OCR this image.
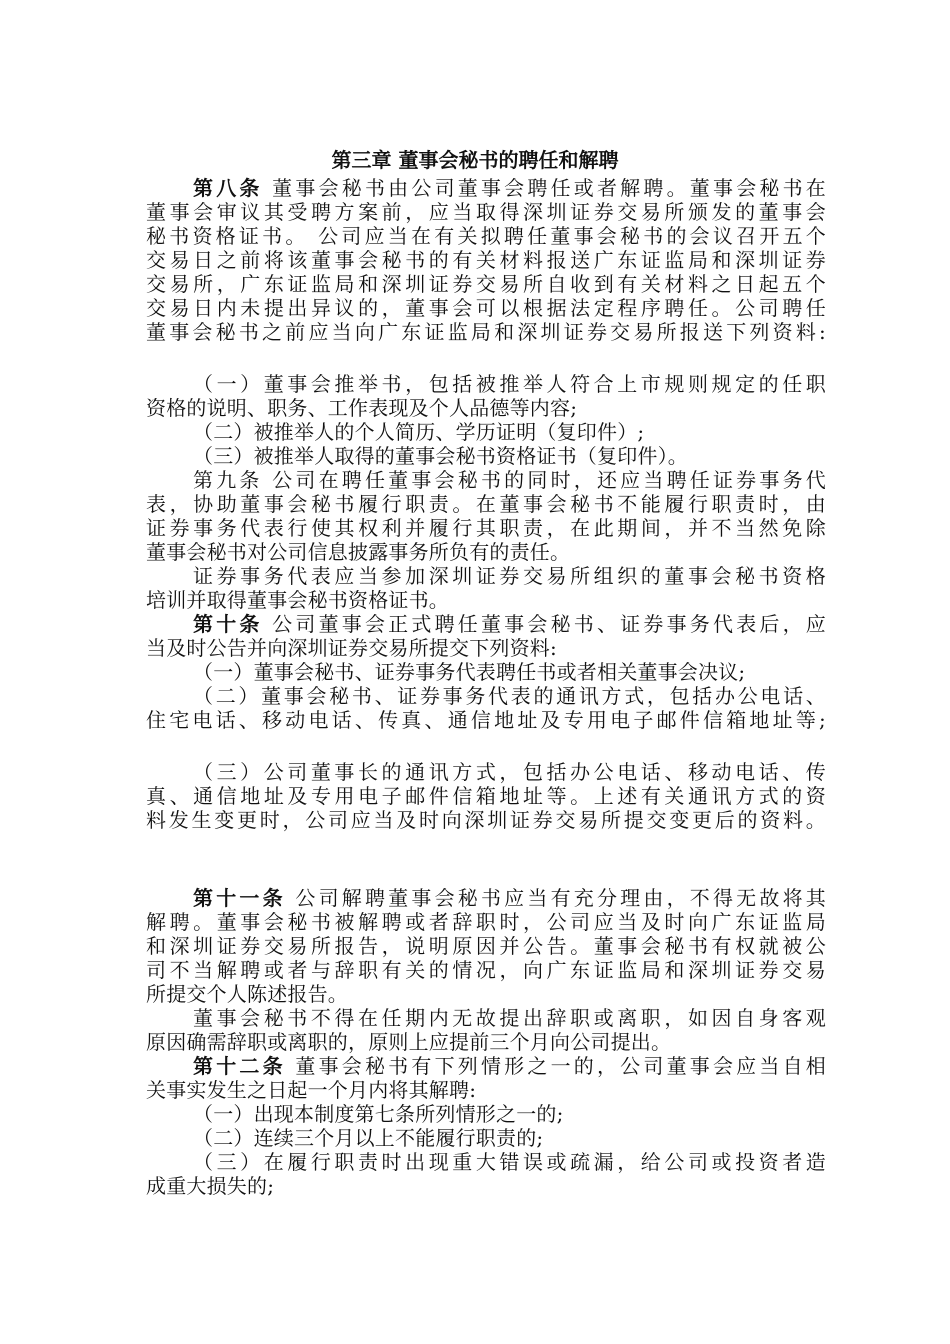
第三章 董事会秘书的聘任和解聘
第八条 董事会秘书由公司董事会聘任或者解聘。董事会秘书在
董事会审议其受聘方案前，应当取得深圳证券交易所颁发的董事会
秘书资格证书。 公司应当在有关拟聘任董事会秘书的会议召开五个
交易日之前将该董事会秘书的有关材料报送广东证监局和深圳证券
交易所，广东证监局和深圳证券交易所自收到有关材料之日起五个
交易日内未提出异议的，董事会可以根据法定程序聘任。公司聘任
董事会秘书之前应当向广东证监局和深圳证券交易所报送下列资料:
（一）董事会推举书，包括被推举人符合上市规则规定的任职
资格的说明、职务、工作表现及个人品德等内容;
（二）被推举人的个人简历、学历证明（复印件）;
（三）被推举人取得的董事会秘书资格证书（复印件）。
第九条 公司在聘任董事会秘书的同时，还应当聘任证券事务代
表，协助董事会秘书履行职责。在董事会秘书不能履行职责时，由
证券事务代表行使其权利并履行其职责，在此期间，并不当然免除
董事会秘书对公司信息披露事务所负有的责任。
证券事务代表应当参加深圳证券交易所组织的董事会秘书资格
培训并取得董事会秘书资格证书。
第十条 公司董事会正式聘任董事会秘书、证券事务代表后，应
当及时公告并向深圳证券交易所提交下列资料:
（一）董事会秘书、证券事务代表聘任书或者相关董事会决议;
（二）董事会秘书、证券事务代表的通讯方式，包括办公电话、
住宅电话、移动电话、传真、通信地址及专用电子邮件信箱地址等;
（三）公司董事长的通讯方式，包括办公电话、移动电话、传
真、通信地址及专用电子邮件信箱地址等。上述有关通讯方式的资
料发生变更时，公司应当及时向深圳证券交易所提交变更后的资料。
第十一条 公司解聘董事会秘书应当有充分理由，不得无故将其
解聘。董事会秘书被解聘或者辞职时，公司应当及时向广东证监局
和深圳证券交易所报告，说明原因并公告。董事会秘书有权就被公
司不当解聘或者与辞职有关的情况，向广东证监局和深圳证券交易
所提交个人陈述报告。
董事会秘书不得在任期内无故提出辞职或离职，如因自身客观
原因确需辞职或离职的，原则上应提前三个月向公司提出。
第十二条 董事会秘书有下列情形之一的，公司董事会应当自相
关事实发生之日起一个月内将其解聘:
（一）出现本制度第七条所列情形之一的;
（二）连续三个月以上不能履行职责的;
（三）在履行职责时出现重大错误或疏漏，给公司或投资者造
成重大损失的;
